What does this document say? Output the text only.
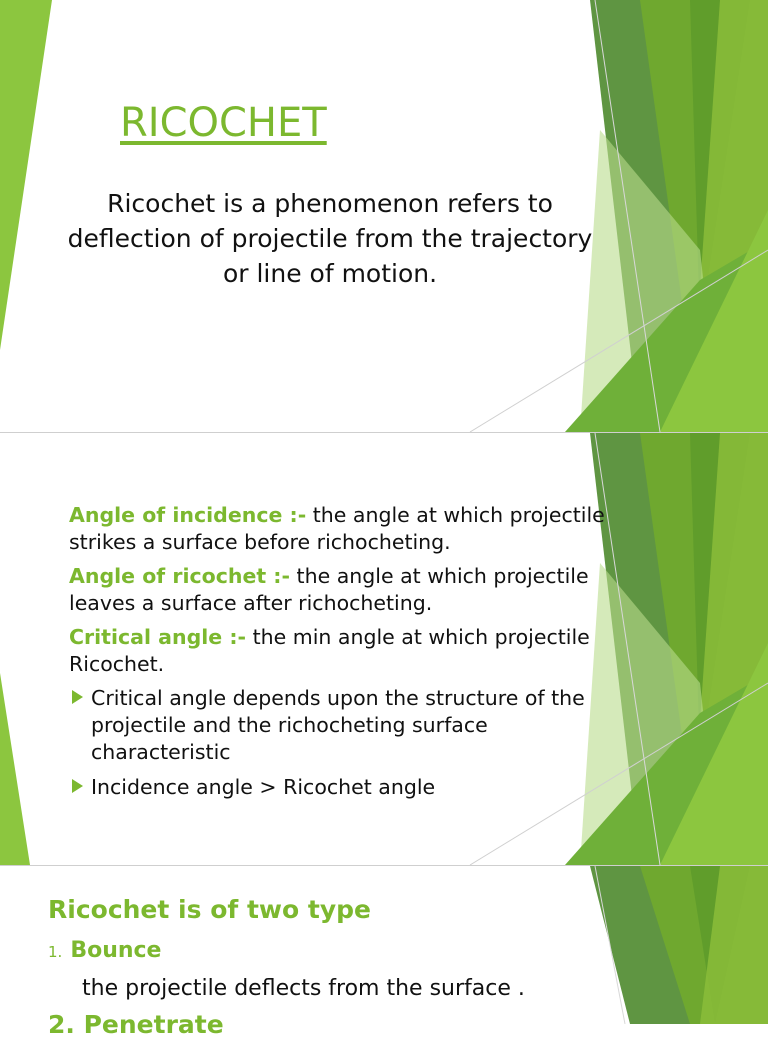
RICOCHET
Ricochet is a phenomenon refers to deflection of projectile from the trajectory or line of motion.
Angle of incidence :- the angle at which projectile strikes a surface before richocheting.
Angle of ricochet :- the angle at which projectile leaves a surface after richocheting.
Critical angle :- the min angle at which projectile Ricochet.
Critical angle depends upon the structure of the projectile and the richocheting surface characteristic
Incidence angle > Ricochet angle
Ricochet is of two type
1. Bounce
the projectile deflects from the surface .
2. Penetrate
